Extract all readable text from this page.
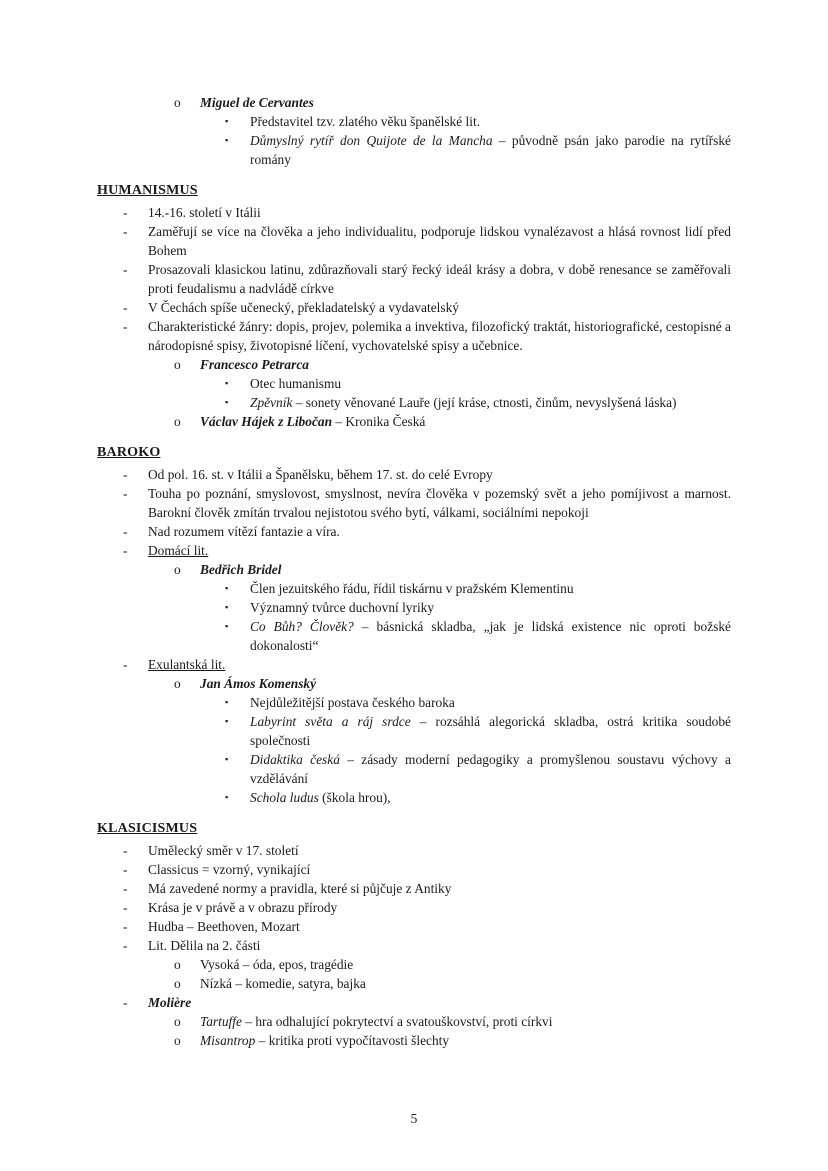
o Miguel de Cervantes
▪ Představitel tzv. zlatého věku španělské lit.
▪ Důmyslný rytíř don Quijote de la Mancha – původně psán jako parodie na rytířské romány
HUMANISMUS
- 14.-16. století v Itálii
- Zaměřují se více na člověka a jeho individualitu, podporuje lidskou vynalézavost a hlásá rovnost lidí před Bohem
- Prosazovali klasickou latinu, zdůrazňovali starý řecký ideál krásy a dobra, v době renesance se zaměřovali proti feudalismu a nadvládě církve
- V Čechách spíše učenecký, překladatelský a vydavatelský
- Charakteristické žánry: dopis, projev, polemika a invektiva, filozofický traktát, historiografické, cestopisné a národopisné spisy, životopisné líčení, vychovatelské spisy a učebnice.
o Francesco Petrarca
▪ Otec humanismu
▪ Zpěvník – sonety věnované Lauře (její kráse, ctnosti, činům, nevyslyšená láska)
o Václav Hájek z Libočan – Kronika Česká
BAROKO
- Od pol. 16. st. v Itálii a Španělsku, během 17. st. do celé Evropy
- Touha po poznání, smyslovost, smyslnost, nevíra člověka v pozemský svět a jeho pomíjivost a marnost. Barokní člověk zmítán trvalou nejistotou svého bytí, válkami, sociálními nepokoji
- Nad rozumem vítězí fantazie a víra.
- Domácí lit.
o Bedřich Bridel
▪ Člen jezuitského řádu, řídil tiskárnu v pražském Klementinu
▪ Významný tvůrce duchovní lyriky
▪ Co Bůh? Člověk? – básnická skladba, „jak je lidská existence nic oproti božské dokonalosti“
- Exulantská lit.
o Jan Ámos Komenský
▪ Nejdůležitější postava českého baroka
▪ Labyrint světa a ráj srdce – rozsáhlá alegorická skladba, ostrá kritika soudobé společnosti
▪ Didaktika česká – zásady moderní pedagogiky a promyšlenou soustavu výchovy a vzdělávání
▪ Schola ludus (škola hrou),
KLASICISMUS
- Umělecký směr v 17. století
- Classicus = vzorný, vynikající
- Má zavedené normy a pravidla, které si půjčuje z Antiky
- Krása je v právě a v obrazu přírody
- Hudba – Beethoven, Mozart
- Lit. Dělila na 2. části
o Vysoká – óda, epos, tragédie
o Nízká – komedie, satyra, bajka
- Molière
o Tartuffe – hra odhalující pokrytectví a svatouškovství, proti církvi
o Misantrop – kritika proti vypočítavosti šlechty
5
